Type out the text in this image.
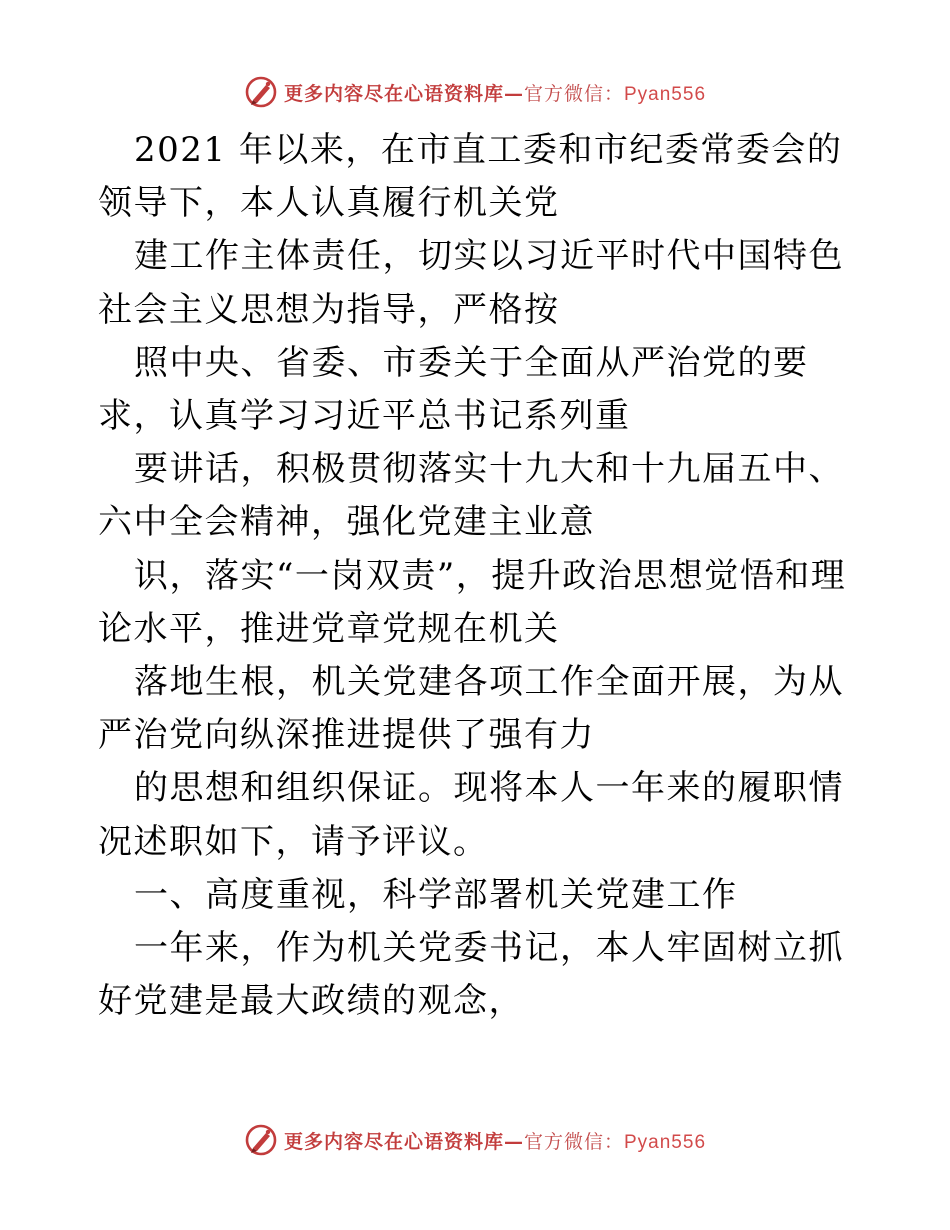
更多内容尽在心语资料库—官方微信：Pyan556

2021 年以来，在市直工委和市纪委常委会的领导下，本人认真履行机关党

建工作主体责任，切实以习近平时代中国特色社会主义思想为指导，严格按

照中央、省委、市委关于全面从严治党的要求，认真学习习近平总书记系列重

要讲话，积极贯彻落实十九大和十九届五中、六中全会精神，强化党建主业意

识，落实“一岗双责”，提升政治思想觉悟和理论水平，推进党章党规在机关

落地生根，机关党建各项工作全面开展，为从严治党向纵深推进提供了强有力

的思想和组织保证。现将本人一年来的履职情况述职如下，请予评议。

一、高度重视，科学部署机关党建工作

一年来，作为机关党委书记，本人牢固树立抓好党建是最大政绩的观念，

更多内容尽在心语资料库—官方微信：Pyan556
